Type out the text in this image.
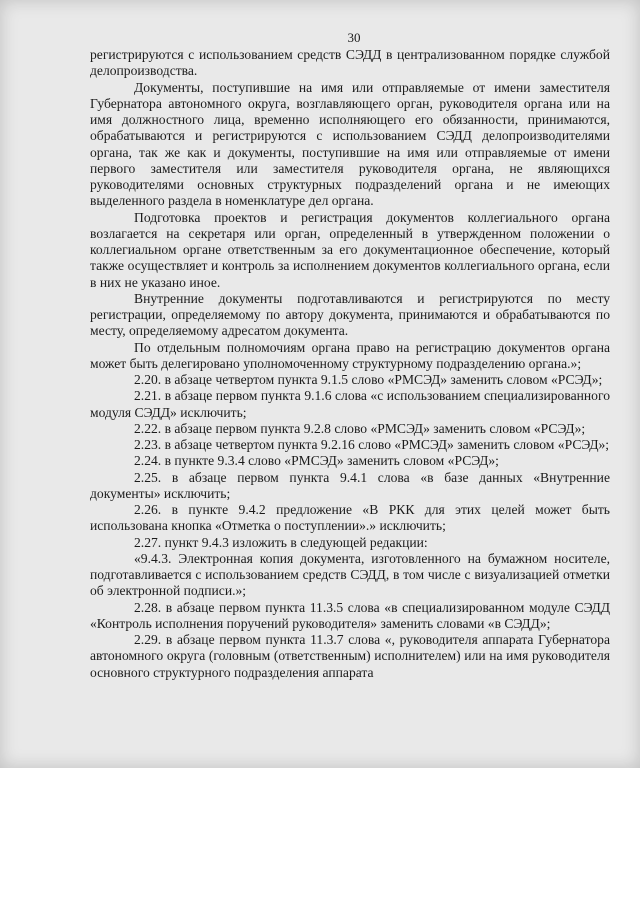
30

регистрируются с использованием средств СЭДД в централизованном порядке службой делопроизводства.

Документы, поступившие на имя или отправляемые от имени заместителя Губернатора автономного округа, возглавляющего орган, руководителя органа или на имя должностного лица, временно исполняющего его обязанности, принимаются, обрабатываются и регистрируются с использованием СЭДД делопроизводителями органа, так же как и документы, поступившие на имя или отправляемые от имени первого заместителя или заместителя руководителя органа, не являющихся руководителями основных структурных подразделений органа и не имеющих выделенного раздела в номенклатуре дел органа.

Подготовка проектов и регистрация документов коллегиального органа возлагается на секретаря или орган, определенный в утвержденном положении о коллегиальном органе ответственным за его документационное обеспечение, который также осуществляет и контроль за исполнением документов коллегиального органа, если в них не указано иное.

Внутренние документы подготавливаются и регистрируются по месту регистрации, определяемому по автору документа, принимаются и обрабатываются по месту, определяемому адресатом документа.

По отдельным полномочиям органа право на регистрацию документов органа может быть делегировано уполномоченному структурному подразделению органа.»;

2.20. в абзаце четвертом пункта 9.1.5 слово «РМСЭД» заменить словом «РСЭД»;

2.21. в абзаце первом пункта 9.1.6 слова «с использованием специализированного модуля СЭДД» исключить;

2.22. в абзаце первом пункта 9.2.8 слово «РМСЭД» заменить словом «РСЭД»;

2.23. в абзаце четвертом пункта 9.2.16 слово «РМСЭД» заменить словом «РСЭД»;

2.24. в пункте 9.3.4 слово «РМСЭД» заменить словом «РСЭД»;

2.25. в абзаце первом пункта 9.4.1 слова «в базе данных «Внутренние документы» исключить;

2.26. в пункте 9.4.2 предложение «В РКК для этих целей может быть использована кнопка «Отметка о поступлении».» исключить;

2.27. пункт 9.4.3 изложить в следующей редакции:

«9.4.3. Электронная копия документа, изготовленного на бумажном носителе, подготавливается с использованием средств СЭДД, в том числе с визуализацией отметки об электронной подписи.»;

2.28. в абзаце первом пункта 11.3.5 слова «в специализированном модуле СЭДД «Контроль исполнения поручений руководителя» заменить словами «в СЭДД»;

2.29. в абзаце первом пункта 11.3.7 слова «, руководителя аппарата Губернатора автономного округа (головным (ответственным) исполнителем) или на имя руководителя основного структурного подразделения аппарата
